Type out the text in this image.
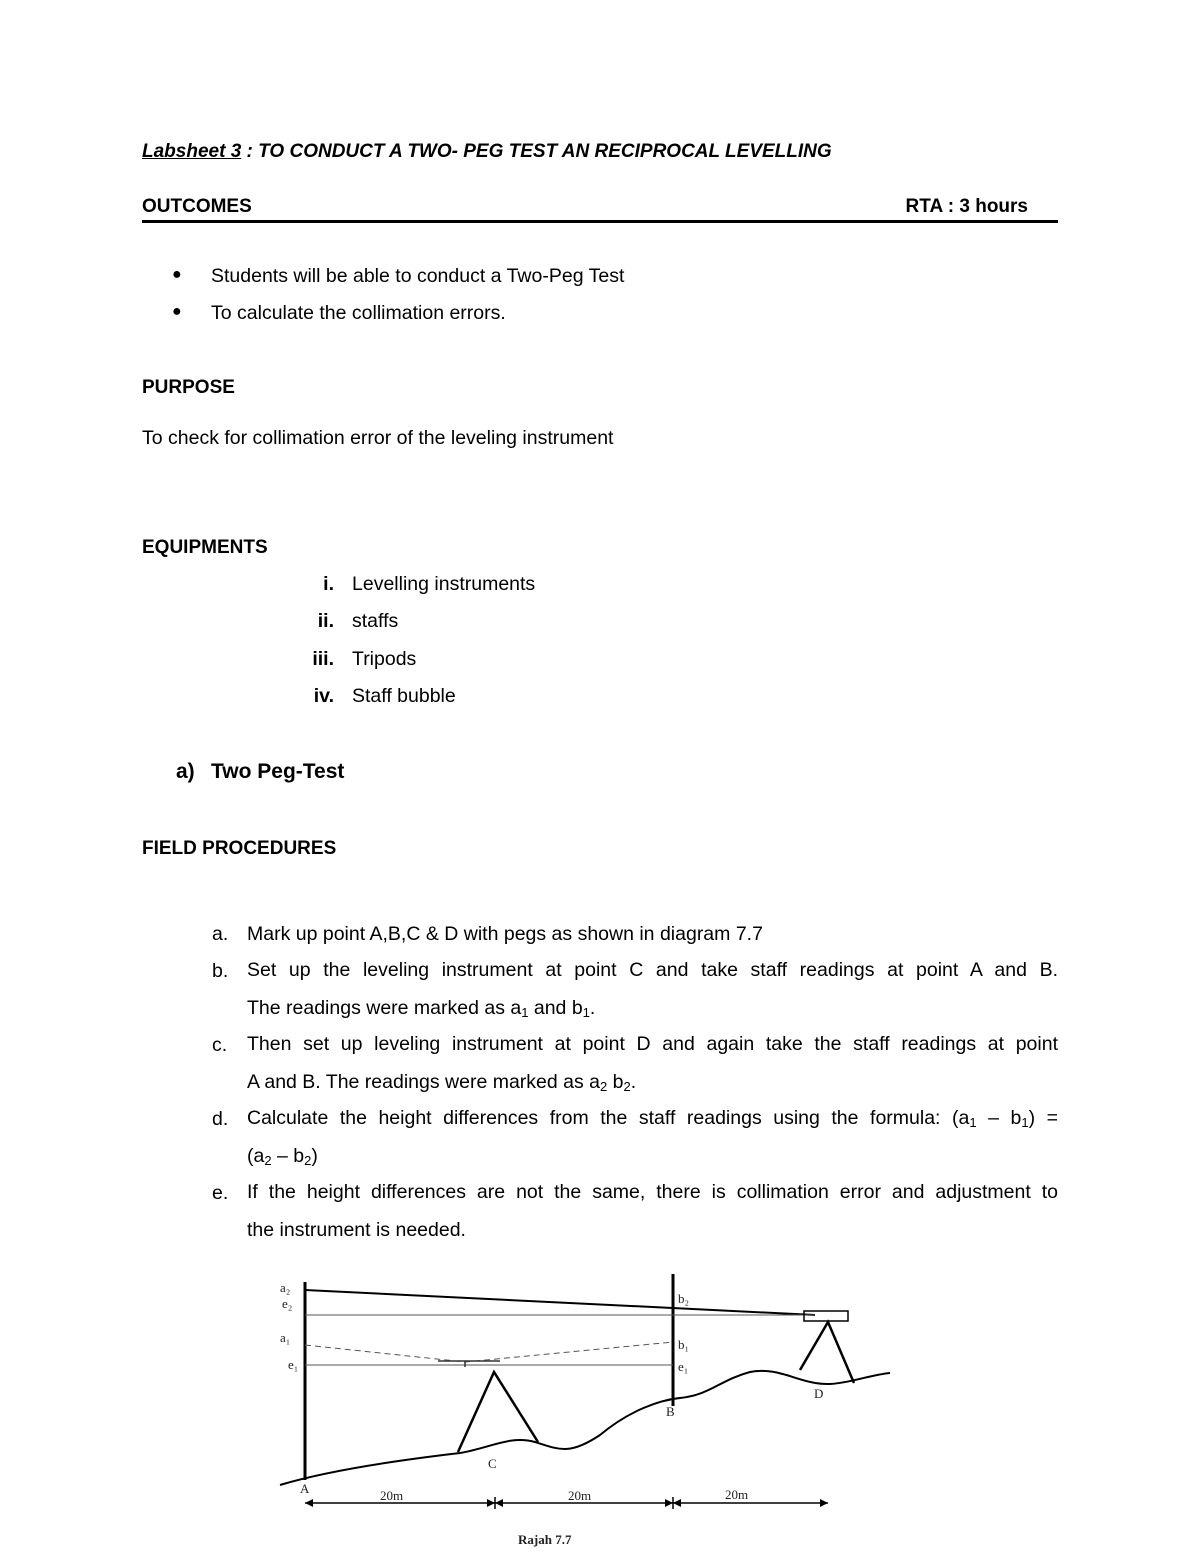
Labsheet 3 : TO CONDUCT A TWO- PEG TEST AN RECIPROCAL LEVELLING
OUTCOMES	RTA : 3 hours
● Students will be able to conduct a Two-Peg Test
● To calculate the collimation errors.
PURPOSE
To check for collimation error of the leveling instrument
EQUIPMENTS
i. Levelling instruments
ii. staffs
iii. Tripods
iv. Staff bubble
a) Two Peg-Test
FIELD PROCEDURES
a. Mark up point A,B,C & D with pegs as shown in diagram 7.7
b. Set up the leveling instrument at point C and take staff readings at point A and B.
The readings were marked as $a_1$ and $b_1$.
c. Then set up leveling instrument at point D and again take the staff readings at point
A and B. The readings were marked as $a_2$ $b_2$.
d. Calculate the height differences from the staff readings using the formula: $(a_1 - b_1)$ =
$(a_2 - b_2)$
e. If the height differences are not the same, there is collimation error and adjustment to
the instrument is needed.
a₂
e₂
a₁
e₁
b₂
b₁
e₁
A
B
C
D
20m	20m	20m
Rajah 7.7
